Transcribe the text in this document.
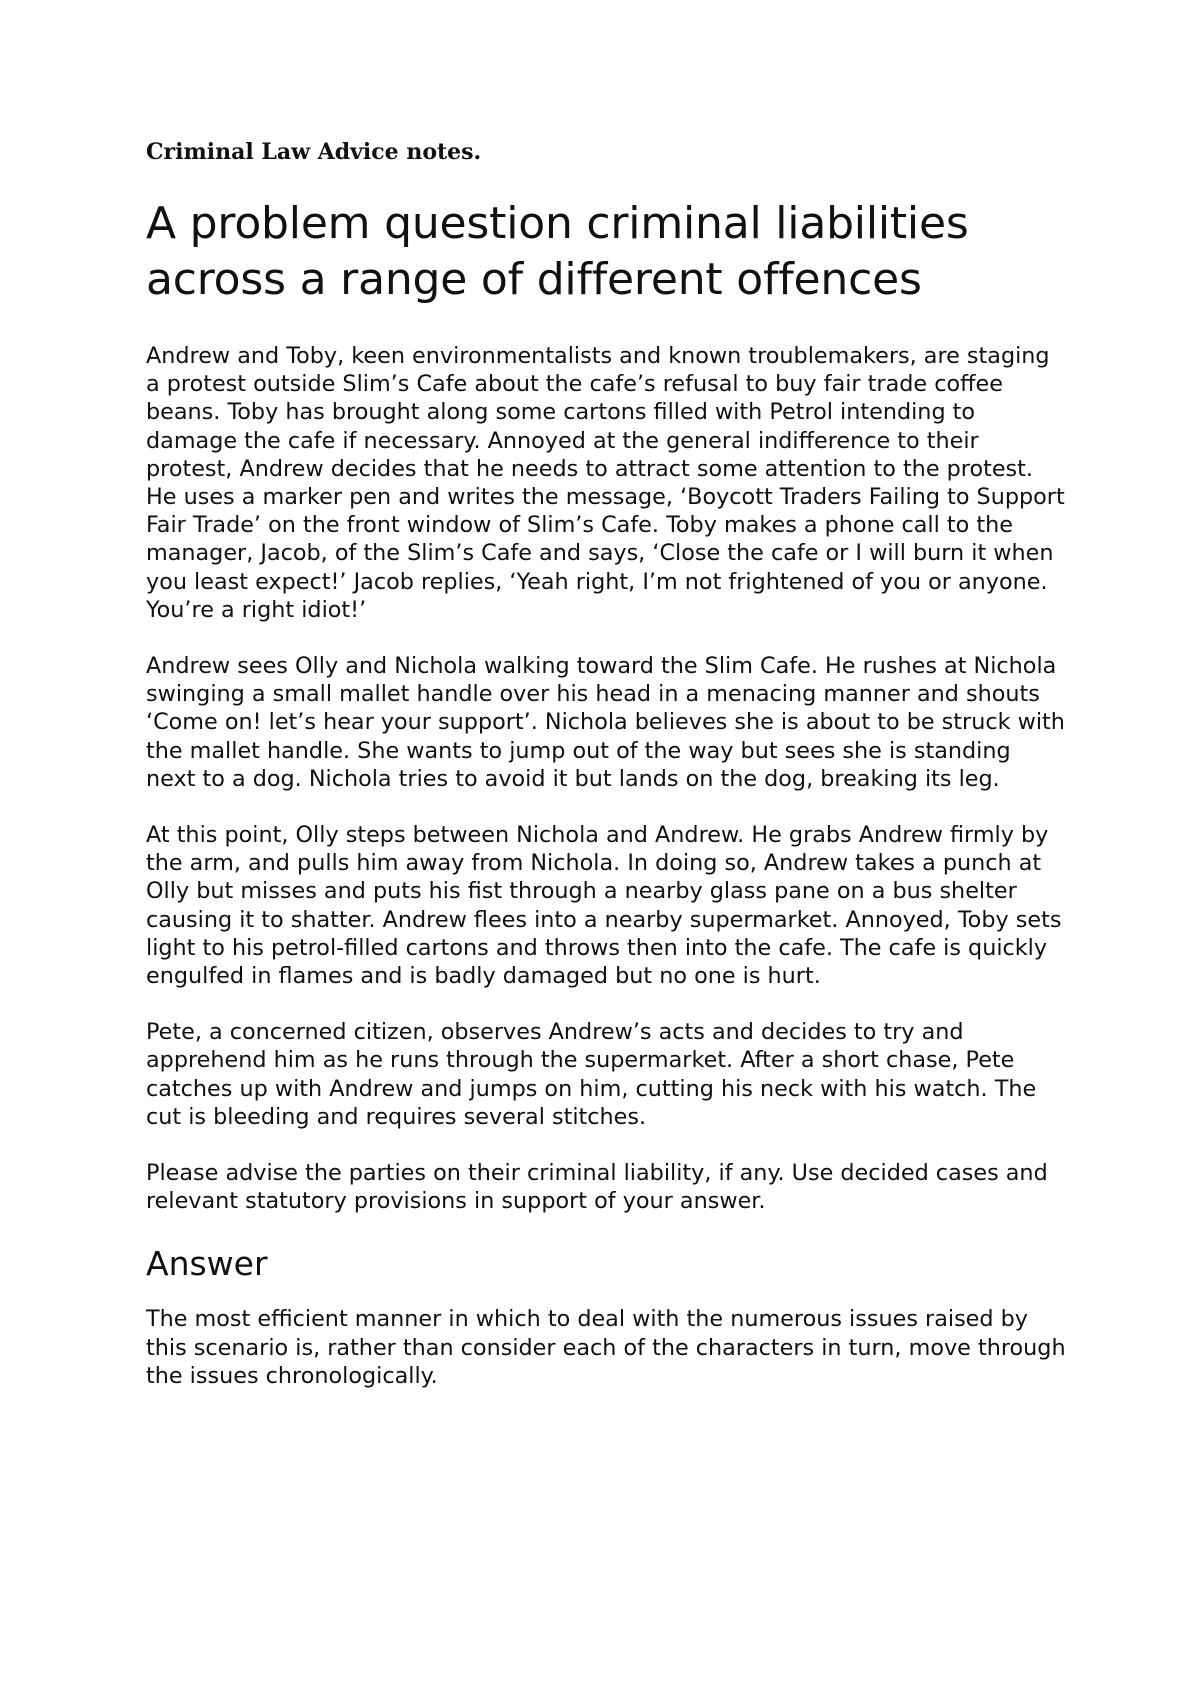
Criminal Law Advice notes.

A problem question criminal liabilities across a range of different offences

Andrew and Toby, keen environmentalists and known troublemakers, are staging a protest outside Slim’s Cafe about the cafe’s refusal to buy fair trade coffee beans. Toby has brought along some cartons filled with Petrol intending to damage the cafe if necessary. Annoyed at the general indifference to their protest, Andrew decides that he needs to attract some attention to the protest. He uses a marker pen and writes the message, ‘Boycott Traders Failing to Support Fair Trade’ on the front window of Slim’s Cafe. Toby makes a phone call to the manager, Jacob, of the Slim’s Cafe and says, ‘Close the cafe or I will burn it when you least expect!’ Jacob replies, ‘Yeah right, I’m not frightened of you or anyone. You’re a right idiot!’

Andrew sees Olly and Nichola walking toward the Slim Cafe. He rushes at Nichola swinging a small mallet handle over his head in a menacing manner and shouts ‘Come on! let’s hear your support’. Nichola believes she is about to be struck with the mallet handle. She wants to jump out of the way but sees she is standing next to a dog. Nichola tries to avoid it but lands on the dog, breaking its leg.

At this point, Olly steps between Nichola and Andrew. He grabs Andrew firmly by the arm, and pulls him away from Nichola. In doing so, Andrew takes a punch at Olly but misses and puts his fist through a nearby glass pane on a bus shelter causing it to shatter. Andrew flees into a nearby supermarket. Annoyed, Toby sets light to his petrol-filled cartons and throws then into the cafe. The cafe is quickly engulfed in flames and is badly damaged but no one is hurt.

Pete, a concerned citizen, observes Andrew’s acts and decides to try and apprehend him as he runs through the supermarket. After a short chase, Pete catches up with Andrew and jumps on him, cutting his neck with his watch. The cut is bleeding and requires several stitches.

Please advise the parties on their criminal liability, if any. Use decided cases and relevant statutory provisions in support of your answer.

Answer

The most efficient manner in which to deal with the numerous issues raised by this scenario is, rather than consider each of the characters in turn, move through the issues chronologically.
